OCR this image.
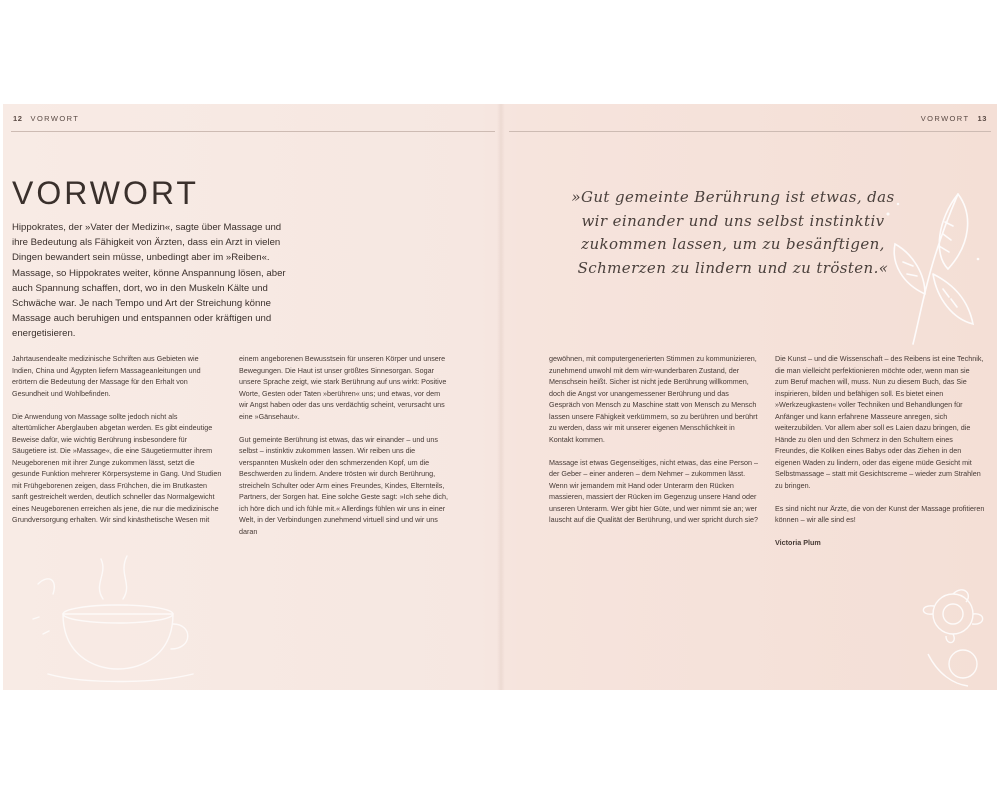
12 VORWORT	VORWORT 13
VORWORT

Hippokrates, der »Vater der Medizin«, sagte über Massage und ihre Bedeutung als Fähigkeit von Ärzten, dass ein Arzt in vielen Dingen bewandert sein müsse, unbedingt aber im »Reiben«. Massage, so Hippokrates weiter, könne Anspannung lösen, aber auch Spannung schaffen, dort, wo in den Muskeln Kälte und Schwäche war. Je nach Tempo und Art der Streichung könne Massage auch beruhigen und entspannen oder kräftigen und energetisieren.

»Gut gemeinte Berührung ist etwas, das wir einander und uns selbst instinktiv zukommen lassen, um zu besänftigen, Schmerzen zu lindern und zu trösten.«

Jahrtausendealte medizinische Schriften aus Gebieten wie Indien, China und Ägypten liefern Massageanleitungen und erörtern die Bedeutung der Massage für den Erhalt von Gesundheit und Wohlbefinden.

Die Anwendung von Massage sollte jedoch nicht als altertümlicher Aberglauben abgetan werden. Es gibt eindeutige Beweise dafür, wie wichtig Berührung insbesondere für Säugetiere ist. Die »Massage«, die eine Säugetiermutter ihrem Neugeborenen mit ihrer Zunge zukommen lässt, setzt die gesunde Funktion mehrerer Körpersysteme in Gang. Und Studien mit Frühgeborenen zeigen, dass Frühchen, die im Brutkasten sanft gestreichelt werden, deutlich schneller das Normalgewicht eines Neugeborenen erreichen als jene, die nur die medizinische Grundversorgung erhalten. Wir sind kinästhetische Wesen mit

einem angeborenen Bewusstsein für unseren Körper und unsere Bewegungen. Die Haut ist unser größtes Sinnesorgan. Sogar unsere Sprache zeigt, wie stark Berührung auf uns wirkt: Positive Worte, Gesten oder Taten »berühren« uns; und etwas, vor dem wir Angst haben oder das uns verdächtig scheint, verursacht uns eine »Gänsehaut«.

Gut gemeinte Berührung ist etwas, das wir einander – und uns selbst – instinktiv zukommen lassen. Wir reiben uns die verspannten Muskeln oder den schmerzenden Kopf, um die Beschwerden zu lindern. Andere trösten wir durch Berührung, streicheln Schulter oder Arm eines Freundes, Kindes, Elternteils, Partners, der Sorgen hat. Eine solche Geste sagt: »Ich sehe dich, ich höre dich und ich fühle mit.« Allerdings fühlen wir uns in einer Welt, in der Verbindungen zunehmend virtuell sind und wir uns daran

gewöhnen, mit computergenerierten Stimmen zu kommunizieren, zunehmend unwohl mit dem wirr-wunderbaren Zustand, der Menschsein heißt. Sicher ist nicht jede Berührung willkommen, doch die Angst vor unangemessener Berührung und das Gespräch von Mensch zu Maschine statt von Mensch zu Mensch lassen unsere Fähigkeit verkümmern, so zu berühren und berührt zu werden, dass wir mit unserer eigenen Menschlichkeit in Kontakt kommen.

Massage ist etwas Gegenseitiges, nicht etwas, das eine Person – der Geber – einer anderen – dem Nehmer – zukommen lässt. Wenn wir jemandem mit Hand oder Unterarm den Rücken massieren, massiert der Rücken im Gegenzug unsere Hand oder unseren Unterarm. Wer gibt hier Güte, und wer nimmt sie an; wer lauscht auf die Qualität der Berührung, und wer spricht durch sie?

Die Kunst – und die Wissenschaft – des Reibens ist eine Technik, die man vielleicht perfektionieren möchte oder, wenn man sie zum Beruf machen will, muss. Nun zu diesem Buch, das Sie inspirieren, bilden und befähigen soll. Es bietet einen »Werkzeugkasten« voller Techniken und Behandlungen für Anfänger und kann erfahrene Masseure anregen, sich weiterzubilden. Vor allem aber soll es Laien dazu bringen, die Hände zu ölen und den Schmerz in den Schultern eines Freundes, die Koliken eines Babys oder das Ziehen in den eigenen Waden zu lindern, oder das eigene müde Gesicht mit Selbstmassage – statt mit Gesichtscreme – wieder zum Strahlen zu bringen.

Es sind nicht nur Ärzte, die von der Kunst der Massage profitieren können – wir alle sind es!

Victoria Plum
